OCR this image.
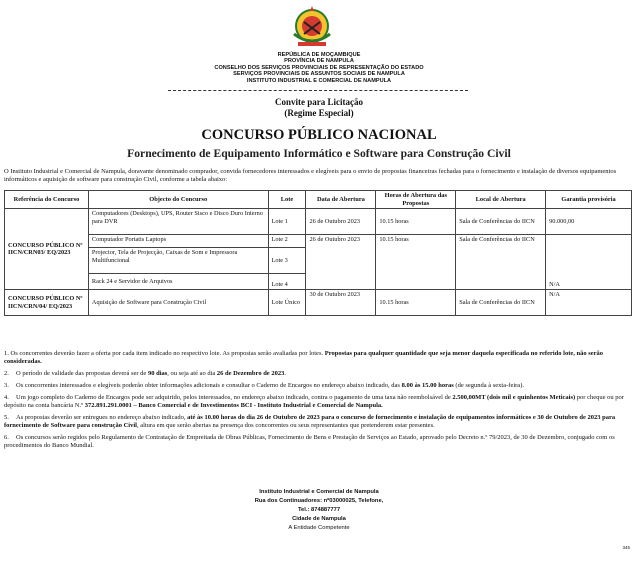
REPÚBLICA DE MOÇAMBIQUE
PROVÍNCIA DE NAMPULA
CONSELHO DOS SERVIÇOS PROVINCIAIS DE REPRESENTAÇÃO DO ESTADO
SERVIÇOS PROVINCIAIS DE ASSUNTOS SOCIAIS DE NAMPULA
INSTITUTO INDUSTRIAL E COMERCIAL DE NAMPULA
Convite para Licitação
(Regime Especial)
CONCURSO PÚBLICO NACIONAL
Fornecimento de Equipamento Informático e Software para Construção Civil
O Instituto Industrial e Comercial de Nampula, doravante denominado comprador, convida fornecedores interessados e elegíveis para o envio de propostas financeiras fechadas para o fornecimento e instalação de diversos equipamentos informáticos e aquisição de software para construção Civil, conforme a tabela abaixo:
Referência do Concurso	Objecto do Concurso	Lote	Data de Abertura	Horas de Abertura das Propostas	Local de Abertura	Garantia provisória
CONCURSO PÚBLICO Nº IICN/CRN03/ EQ/2023	Computadores (Desktops), UPS, Router Sisco e Disco Duro Interno para DVR	Lote 1	26 de Outubro 2023	10.15 horas	Sala de Conferências do IICN	90.000,00
	Computador Portatis Laptops	Lote 2	26 de Outubro 2023	10.15 horas	Sala de Conferências do IICN	N/A
	Projector, Tela de Projecção, Caixas de Som e Impressora Multifuncional	Lote 3				
	Rack 24 e Servidor de Arquivos	Lote 4				
CONCURSO PÚBLICO Nº IICN/CRN/04/ EQ/2023	Aquisição de Software para Construção Civil	Lote Único	30 de Outubro 2023	10.15 horas	Sala de Conferências do IICN	N/A

1. Os concorrentes deverão fazer a oferta por cada item indicado no respectivo lote. As propostas serão avaliadas por lotes. Propostas para qualquer quantidade que seja menor daquela especificada no referido lote, não serão consideradas.

2. O período de validade das propostas deverá ser de 90 dias, ou seja até ao dia 26 de Dezembro de 2023.

3. Os concorrentes interessados e elegíveis poderão obter informações adicionais e consultar o Caderno de Encargos no endereço abaixo indicado, das 8.00 às 15.00 horas (de segunda à sexta-feira).

4. Um jogo completo do Caderno de Encargos pode ser adquirido, pelos interessados, no endereço abaixo indicado, contra o pagamento de uma taxa não reembolsável de 2.500,00MT (dois mil e quinhentos Meticais) por cheque ou por depósito na conta bancária N.º 372.891.291.0001 – Banco Comercial e de Investimentos BCI - Instituto Industrial e Comercial de Nampula.

5. As propostas deverão ser entregues no endereço abaixo indicado, até às 10.00 horas do dia 26 de Outubro de 2023 para o concurso de fornecimento e instalação de equipamentos informáticos e 30 de Outubro de 2023 para fornecimento de Software para construção Civil, altura em que serão abertas na presença dos concorrentes ou seus representantes que pretenderem estar presentes.

6. Os concursos serão regidos pelo Regulamento de Contratação de Empreitada de Obras Públicas, Fornecimento de Bens e Prestação de Serviços ao Estado, aprovado pelo Decreto n.º 79/2023, de 30 de Dezembro, conjugado com os procedimentos do Banco Mundial.

Instituto Industrial e Comercial de Nampula
Rua dos Continuadores: nº03000025, Telefone,
Tel.: 874887777
Cidade de Nampula
A Entidade Competente
345
